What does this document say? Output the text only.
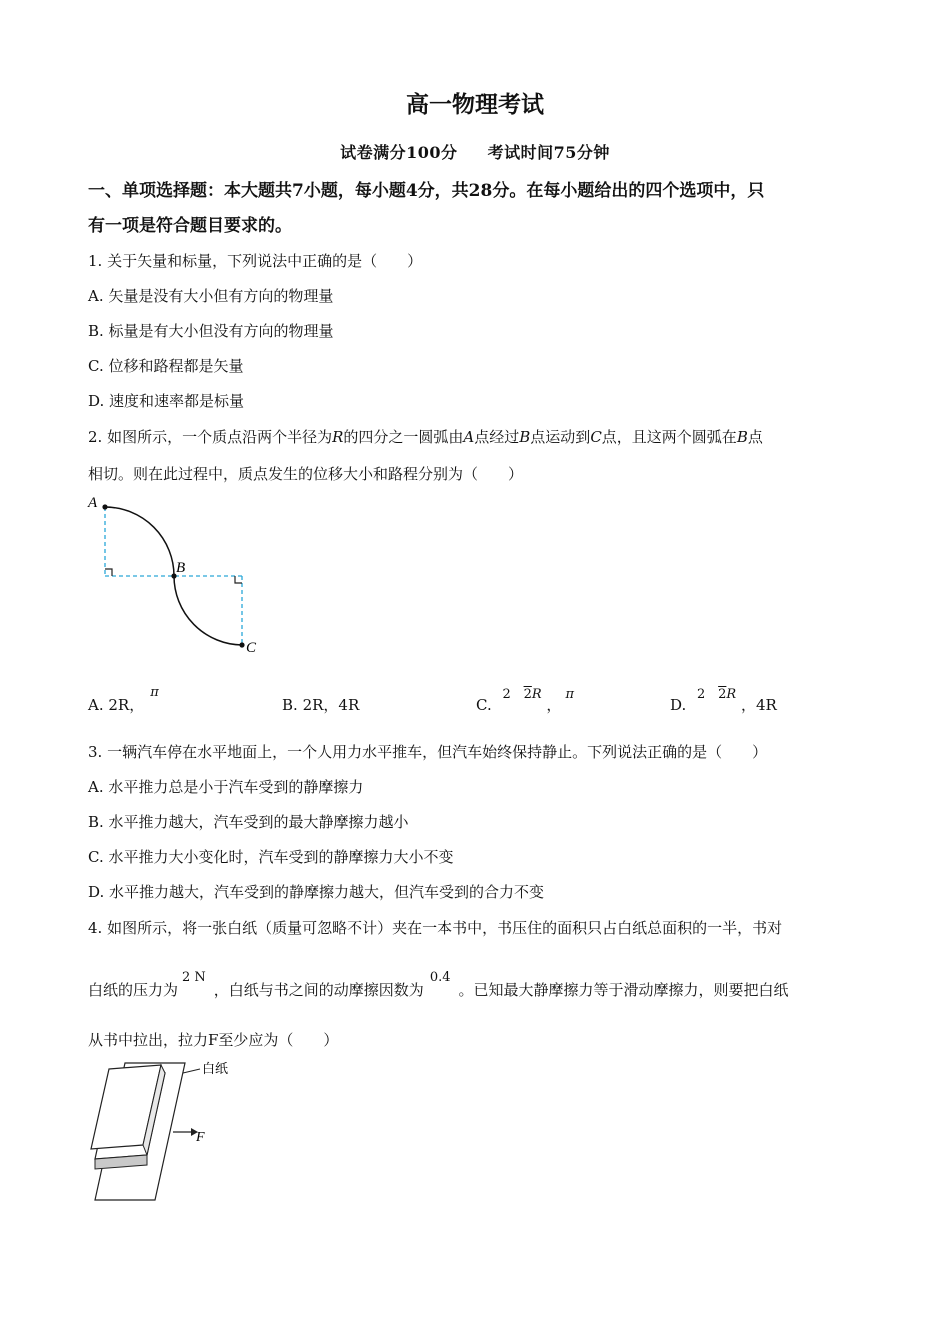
高一物理考试
试卷满分100分 考试时间75分钟
一、单项选择题：本大题共7小题，每小题4分，共28分。在每小题给出的四个选项中，只
有一项是符合题目要求的。
1. 关于矢量和标量，下列说法中正确的是（　　）
A. 矢量是没有大小但有方向的物理量
B. 标量是有大小但没有方向的物理量
C. 位移和路程都是矢量
D. 速度和速率都是标量
2. 如图所示，一个质点沿两个半径为R的四分之一圆弧由A点经过B点运动到C点，且这两个圆弧在B点
相切。则在此过程中，质点发生的位移大小和路程分别为（　　）
A
B
C
A. 2R，π
B. 2R，4R	C. 2 2R ，π
D. 2 2R ，4R
3. 一辆汽车停在水平地面上，一个人用力水平推车，但汽车始终保持静止。下列说法正确的是（　　）
A. 水平推力总是小于汽车受到的静摩擦力
B. 水平推力越大，汽车受到的最大静摩擦力越小
C. 水平推力大小变化时，汽车受到的静摩擦力大小不变
D. 水平推力越大，汽车受到的静摩擦力越大，但汽车受到的合力不变
4. 如图所示，将一张白纸（质量可忽略不计）夹在一本书中，书压住的面积只占白纸总面积的一半，书对
白纸的压力为2 N，白纸与书之间的动摩擦因数为0.4。已知最大静摩擦力等于滑动摩擦力，则要把白纸
从书中拉出，拉力F至少应为（　　）
白纸
F
